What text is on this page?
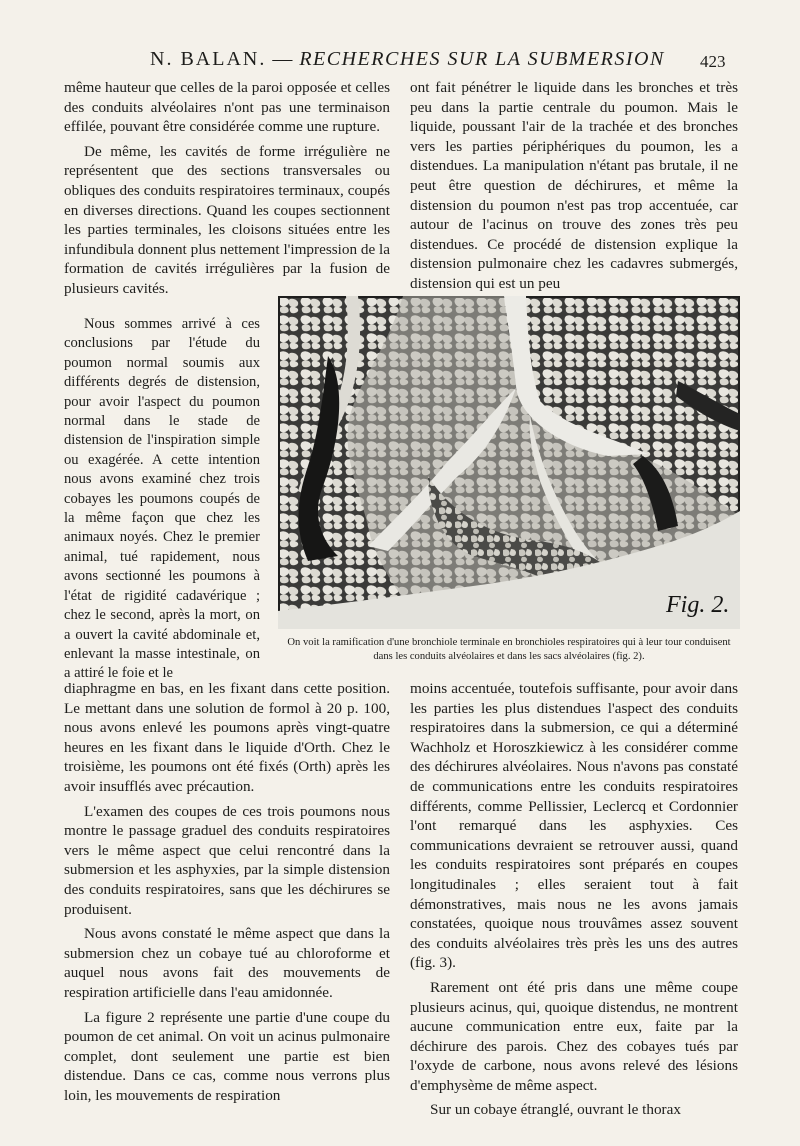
N. BALAN. — RECHERCHES SUR LA SUBMERSION 423

même hauteur que celles de la paroi opposée et celles des conduits alvéolaires n'ont pas une terminaison effilée, pouvant être considérée comme une rupture.

De même, les cavités de forme irrégulière ne représentent que des sections transversales ou obliques des conduits respiratoires terminaux, coupés en diverses directions. Quand les coupes sectionnent les parties terminales, les cloisons situées entre les infundibula donnent plus nettement l'impression de la formation de cavités irrégulières par la fusion de plusieurs cavités.

ont fait pénétrer le liquide dans les bronches et très peu dans la partie centrale du poumon. Mais le liquide, poussant l'air de la trachée et des bronches vers les parties périphériques du poumon, les a distendues. La manipulation n'étant pas brutale, il ne peut être question de déchirures, et même la distension du poumon n'est pas trop accentuée, car autour de l'acinus on trouve des zones très peu distendues. Ce procédé de distension explique la distension pulmonaire chez les cadavres submergés, distension qui est un peu

Nous sommes arrivé à ces conclusions par l'étude du poumon normal soumis aux différents degrés de distension, pour avoir l'aspect du poumon normal dans le stade de distension de l'inspiration simple ou exagérée. A cette intention nous avons examiné chez trois cobayes les poumons coupés de la même façon que chez les animaux noyés. Chez le premier animal, tué rapidement, nous avons sectionné les poumons à l'état de rigidité cadavérique ; chez le second, après la mort, on a ouvert la cavité abdominale et, enlevant la masse intestinale, on a attiré le foie et le

Fig. 2.
On voit la ramification d'une bronchiole terminale en bronchioles respiratoires qui à leur tour conduisent dans les conduits alvéolaires et dans les sacs alvéolaires (fig. 2).

diaphragme en bas, en les fixant dans cette position. Le mettant dans une solution de formol à 20 p. 100, nous avons enlevé les poumons après vingt-quatre heures en les fixant dans le liquide d'Orth. Chez le troisième, les poumons ont été fixés (Orth) après les avoir insufflés avec précaution.

L'examen des coupes de ces trois poumons nous montre le passage graduel des conduits respiratoires vers le même aspect que celui rencontré dans la submersion et les asphyxies, par la simple distension des conduits respiratoires, sans que les déchirures se produisent.

Nous avons constaté le même aspect que dans la submersion chez un cobaye tué au chloroforme et auquel nous avons fait des mouvements de respiration artificielle dans l'eau amidonnée.

La figure 2 représente une partie d'une coupe du poumon de cet animal. On voit un acinus pulmonaire complet, dont seulement une partie est bien distendue. Dans ce cas, comme nous verrons plus loin, les mouvements de respiration

moins accentuée, toutefois suffisante, pour avoir dans les parties les plus distendues l'aspect des conduits respiratoires dans la submersion, ce qui a déterminé Wachholz et Horoszkiewicz à les considérer comme des déchirures alvéolaires. Nous n'avons pas constaté de communications entre les conduits respiratoires différents, comme Pellissier, Leclercq et Cordonnier l'ont remarqué dans les asphyxies. Ces communications devraient se retrouver aussi, quand les conduits respiratoires sont préparés en coupes longitudinales ; elles seraient tout à fait démonstratives, mais nous ne les avons jamais constatées, quoique nous trouvâmes assez souvent des conduits alvéolaires très près les uns des autres (fig. 3).

Rarement ont été pris dans une même coupe plusieurs acinus, qui, quoique distendus, ne montrent aucune communication entre eux, faite par la déchirure des parois. Chez des cobayes tués par l'oxyde de carbone, nous avons relevé des lésions d'emphysème de même aspect.

Sur un cobaye étranglé, ouvrant le thorax
